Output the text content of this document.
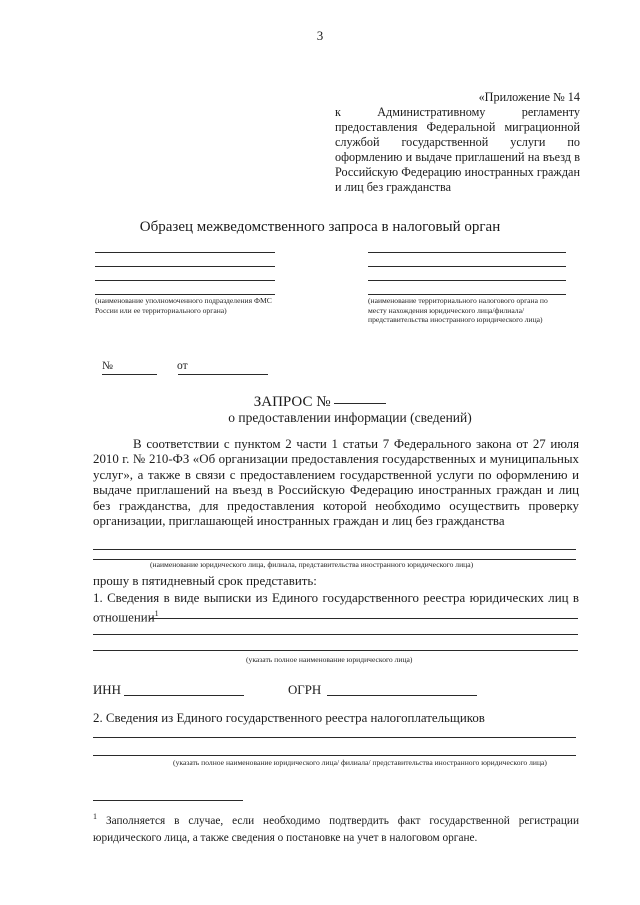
3
«Приложение № 14
к Административному регламенту предоставления Федеральной миграционной службой государственной услуги по оформлению и выдаче приглашений на въезд в Российскую Федерацию иностранных граждан и лиц без гражданства
Образец межведомственного запроса в налоговый орган
(наименование уполномоченного подразделения ФМС России или ее территориального органа)
(наименование территориального налогового органа по месту нахождения юридического лица/филиала/ представительства иностранного юридического лица)
№	от
ЗАПРОС №
о предоставлении информации (сведений)
В соответствии с пунктом 2 части 1 статьи 7 Федерального закона от 27 июля 2010 г. № 210-ФЗ «Об организации предоставления государственных и муниципальных услуг», а также в связи с предоставлением государственной услуги по оформлению и выдаче приглашений на въезд в Российскую Федерацию иностранных граждан и лиц без гражданства, для предоставления которой необходимо осуществить проверку организации, приглашающей иностранных граждан и лиц без гражданства
(наименование юридического лица, филиала, представительства иностранного юридического лица)
прошу в пятидневный срок представить:
1. Сведения в виде выписки из Единого государственного реестра юридических лиц в отношении$^1$
(указать полное наименование юридического лица)
ИНН	ОГРН
2. Сведения из Единого государственного реестра налогоплательщиков
(указать полное наименование юридического лица/ филиала/ представительства иностранного юридического лица)
$^1$ Заполняется в случае, если необходимо подтвердить факт государственной регистрации юридического лица, а также сведения о постановке на учет в налоговом органе.
